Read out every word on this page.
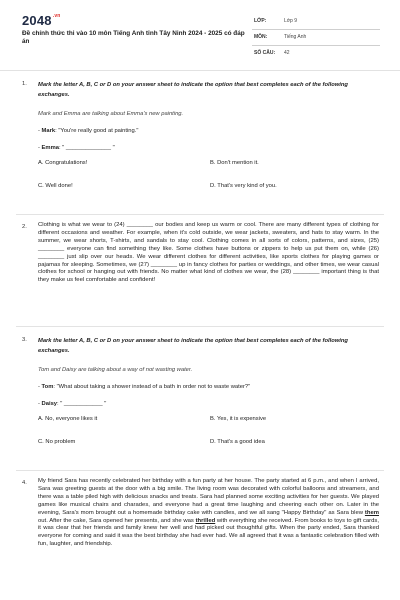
$2048^{.vn}$
Đề chính thức thi vào 10 môn Tiếng Anh tỉnh Tây Ninh 2024 - 2025 có đáp án
LỚP:	Lớp 9
MÔN:	Tiếng Anh
SỐ CÂU: 42
1. Mark the letter A, B, C or D on your answer sheet to indicate the option that best completes each of the following exchanges.

Mark and Emma are talking about Emma's new painting.

- Mark: "You're really good at painting."

- Emma: " ______________ "

A. Congratulations!	B. Don't mention it.
C. Well done!	D. That's very kind of you.
2. Clothing is what we wear to (24) ________ our bodies and keep us warm or cool. There are many different types of clothing for different occasions and weather. For example, when it's cold outside, we wear jackets, sweaters, and hats to stay warm. In the summer, we wear shorts, T-shirts, and sandals to stay cool. Clothing comes in all sorts of colors, patterns, and sizes, (25) ________ everyone can find something they like. Some clothes have buttons or zippers to help us put them on, while (26) ________ just slip over our heads. We wear different clothes for different activities, like sports clothes for playing games or pajamas for sleeping. Sometimes, we (27) ________ up in fancy clothes for parties or weddings, and other times, we wear casual clothes for school or hanging out with friends. No matter what kind of clothes we wear, the (28) ________ important thing is that they make us feel comfortable and confident!

3. Mark the letter A, B, C or D on your answer sheet to indicate the option that best completes each of the following exchanges.

Tom and Daisy are talking about a way of not wasting water.

- Tom: "What about taking a shower instead of a bath in order not to waste water?"

- Daisy: " ____________ "

A. No, everyone likes it	B. Yes, it is expensive
C. No problem	D. That's a good idea
4. My friend Sara has recently celebrated her birthday with a fun party at her house. The party started at 6 p.m., and when I arrived, Sara was greeting guests at the door with a big smile. The living room was decorated with colorful balloons and streamers, and there was a table piled high with delicious snacks and treats. Sara had planned some exciting activities for her guests. We played games like musical chairs and charades, and everyone had a great time laughing and cheering each other on. Later in the evening, Sara's mom brought out a homemade birthday cake with candles, and we all sang "Happy Birthday" as Sara blew them out. After the cake, Sara opened her presents, and she was thrilled with everything she received. From books to toys to gift cards, it was clear that her friends and family knew her well and had picked out thoughtful gifts. When the party ended, Sara thanked everyone for coming and said it was the best birthday she had ever had. We all agreed that it was a fantastic celebration filled with fun, laughter, and friendship.
